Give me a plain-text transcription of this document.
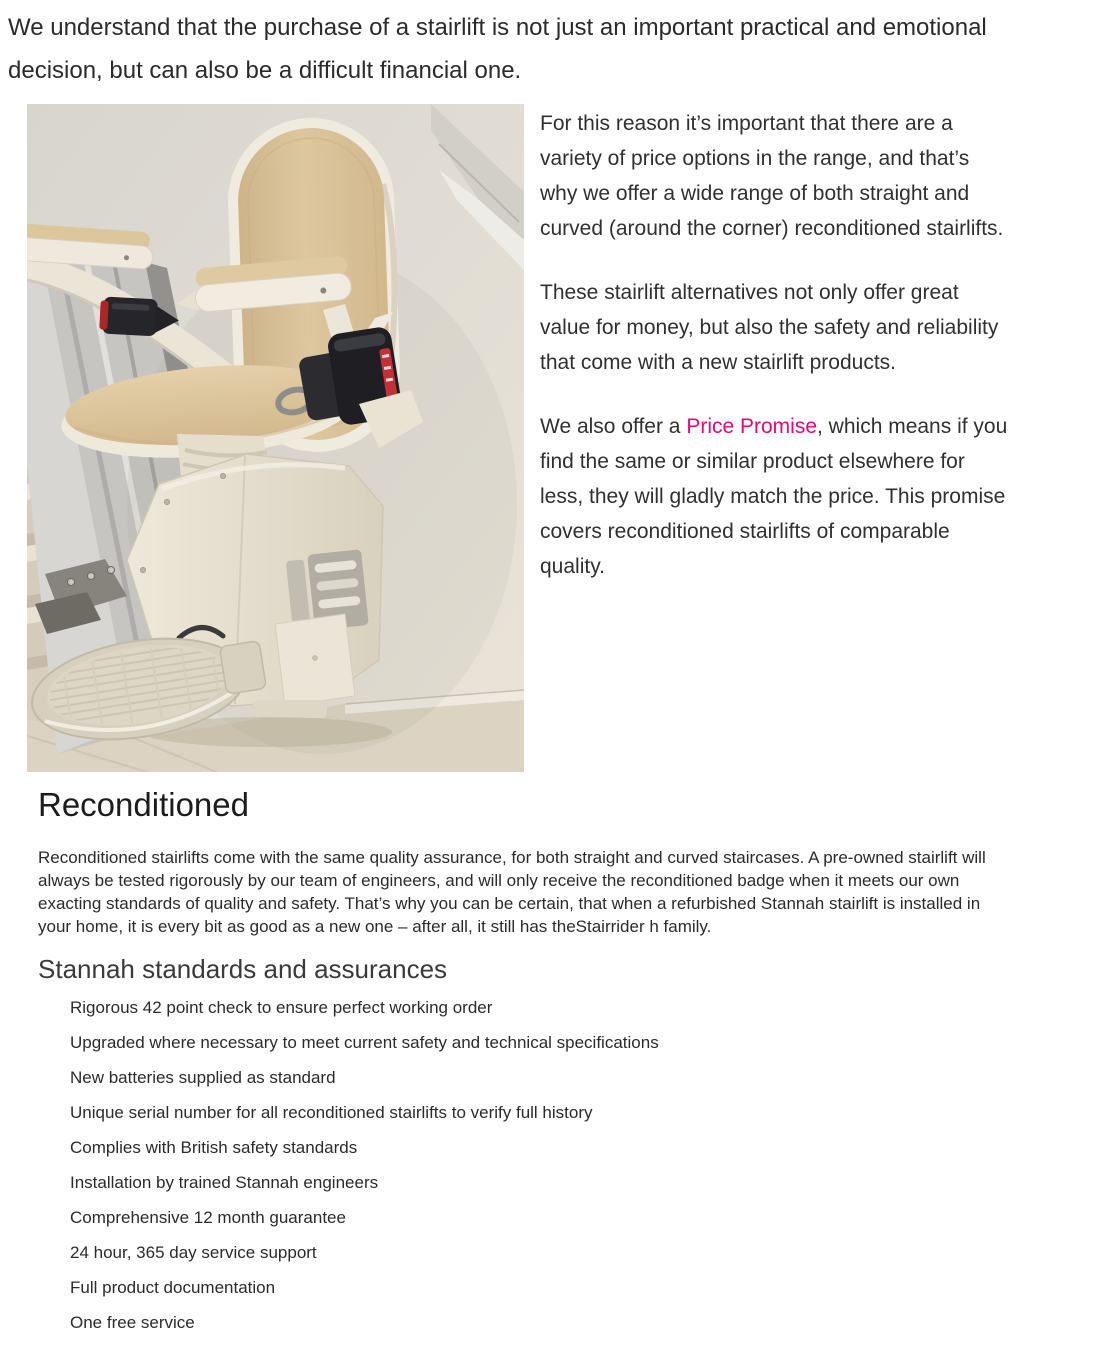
We understand that the purchase of a stairlift is not just an important practical and emotional decision, but can also be a difficult financial one.

For this reason it’s important that there are a variety of price options in the range, and that’s why we offer a wide range of both straight and curved (around the corner) reconditioned stairlifts.

These stairlift alternatives not only offer great value for money, but also the safety and reliability that come with a new stairlift products.

We also offer a Price Promise, which means if you find the same or similar product elsewhere for less, they will gladly match the price. This promise covers reconditioned stairlifts of comparable quality.

Reconditioned

Reconditioned stairlifts come with the same quality assurance, for both straight and curved staircases. A pre-owned stairlift will always be tested rigorously by our team of engineers, and will only receive the reconditioned badge when it meets our own exacting standards of quality and safety. That’s why you can be certain, that when a refurbished Stannah stairlift is installed in your home, it is every bit as good as a new one – after all, it still has theStairrider h family.

Stannah standards and assurances
Rigorous 42 point check to ensure perfect working order
Upgraded where necessary to meet current safety and technical specifications
New batteries supplied as standard
Unique serial number for all reconditioned stairlifts to verify full history
Complies with British safety standards
Installation by trained Stannah engineers
Comprehensive 12 month guarantee
24 hour, 365 day service support
Full product documentation
One free service
